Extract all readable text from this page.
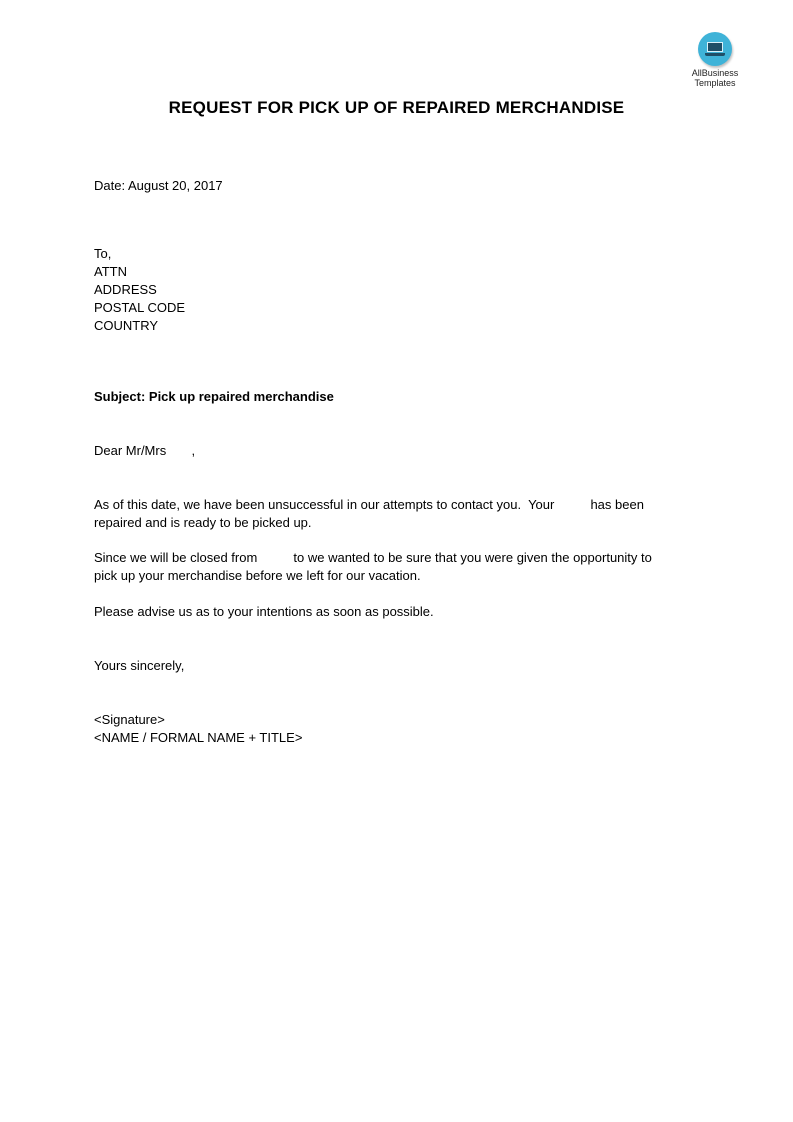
AllBusiness
Templates
REQUEST FOR PICK UP OF REPAIRED MERCHANDISE
Date: August 20, 2017
To,
ATTN
ADDRESS
POSTAL CODE
COUNTRY
Subject: Pick up repaired merchandise
Dear Mr/Mrs       ,
As of this date, we have been unsuccessful in our attempts to contact you.  Your          has been
repaired and is ready to be picked up.
Since we will be closed from          to we wanted to be sure that you were given the opportunity to
pick up your merchandise before we left for our vacation.
Please advise us as to your intentions as soon as possible.
Yours sincerely,
<Signature>
<NAME / FORMAL NAME + TITLE>
